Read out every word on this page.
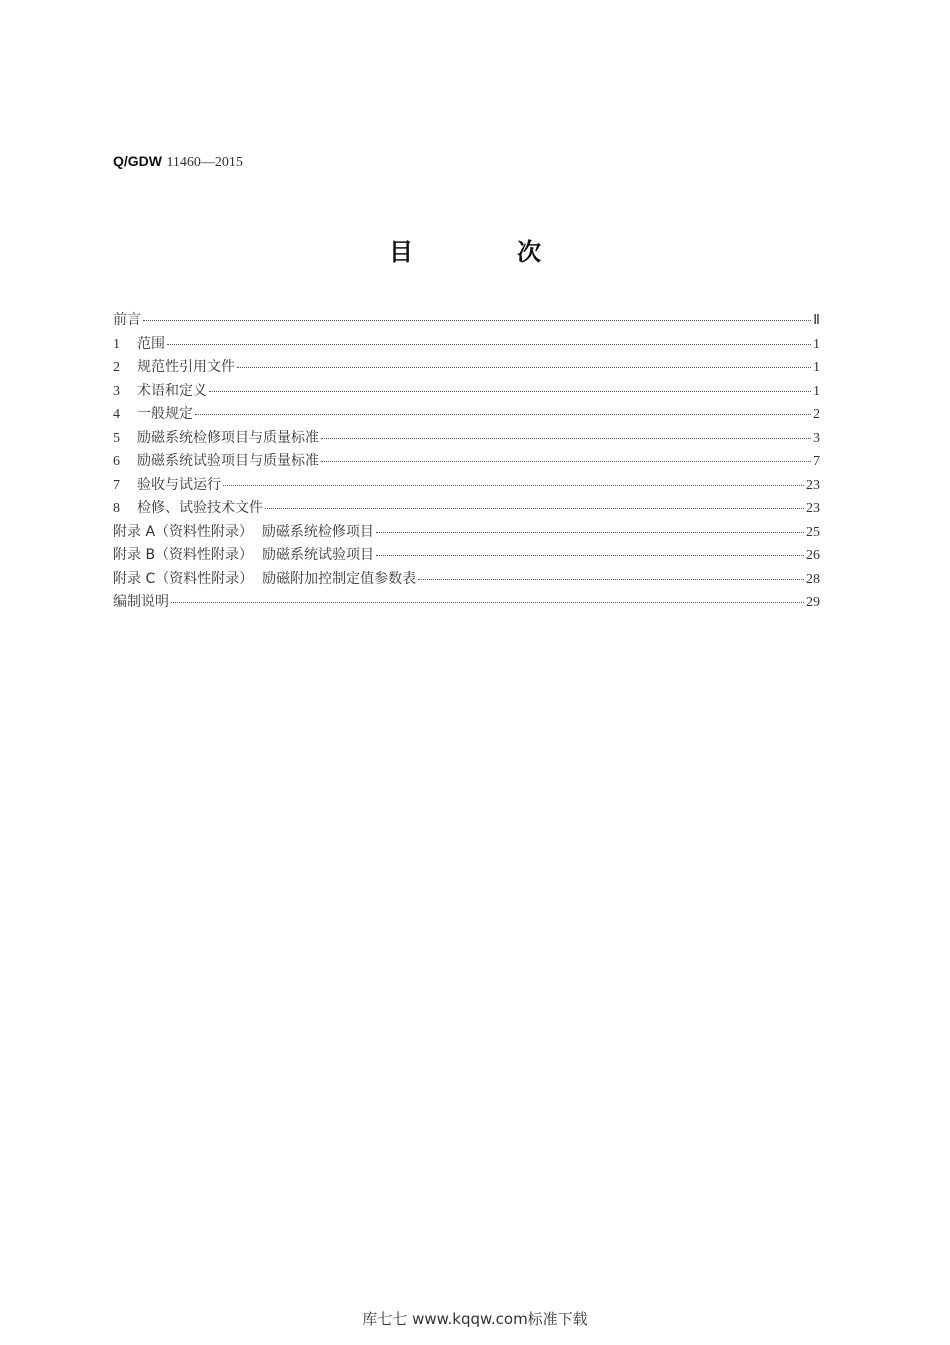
Q/GDW 11460—2015
目　次
前言	Ⅱ
1	范围	1
2	规范性引用文件	1
3	术语和定义	1
4	一般规定	2
5	励磁系统检修项目与质量标准	3
6	励磁系统试验项目与质量标准	7
7	验收与试运行	23
8	检修、试验技术文件	23
附录 A（资料性附录）  励磁系统检修项目	25
附录 B（资料性附录）  励磁系统试验项目	26
附录 C（资料性附录）  励磁附加控制定值参数表	28
编制说明	29
库七七 www.kqqw.com标准下载
